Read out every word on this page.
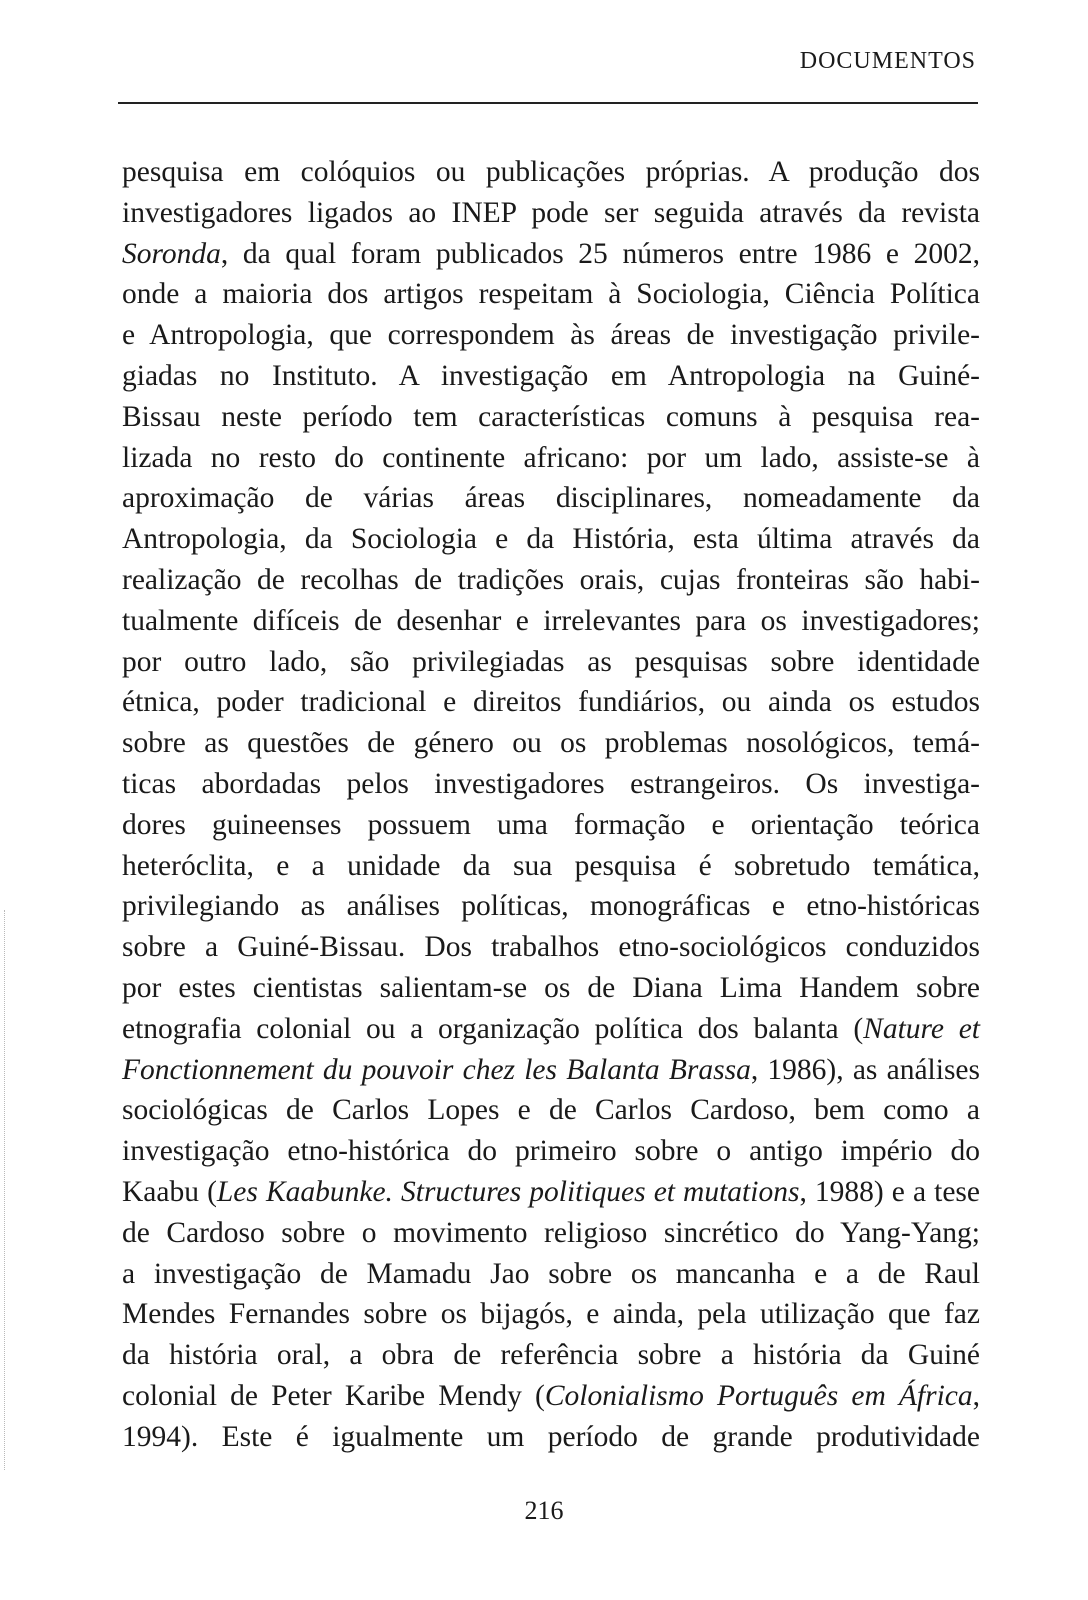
DOCUMENTOS
pesquisa em colóquios ou publicações próprias. A produção dos
investigadores ligados ao INEP pode ser seguida através da revista
Soronda, da qual foram publicados 25 números entre 1986 e 2002,
onde a maioria dos artigos respeitam à Sociologia, Ciência Política
e Antropologia, que correspondem às áreas de investigação privile-
giadas no Instituto. A investigação em Antropologia na Guiné-
Bissau neste período tem características comuns à pesquisa rea-
lizada no resto do continente africano: por um lado, assiste-se à
aproximação de várias áreas disciplinares, nomeadamente da
Antropologia, da Sociologia e da História, esta última através da
realização de recolhas de tradições orais, cujas fronteiras são habi-
tualmente difíceis de desenhar e irrelevantes para os investigadores;
por outro lado, são privilegiadas as pesquisas sobre identidade
étnica, poder tradicional e direitos fundiários, ou ainda os estudos
sobre as questões de género ou os problemas nosológicos, temá-
ticas abordadas pelos investigadores estrangeiros. Os investiga-
dores guineenses possuem uma formação e orientação teórica
heteróclita, e a unidade da sua pesquisa é sobretudo temática,
privilegiando as análises políticas, monográficas e etno-históricas
sobre a Guiné-Bissau. Dos trabalhos etno-sociológicos conduzidos
por estes cientistas salientam-se os de Diana Lima Handem sobre
etnografia colonial ou a organização política dos balanta (Nature et
Fonctionnement du pouvoir chez les Balanta Brassa, 1986), as análises
sociológicas de Carlos Lopes e de Carlos Cardoso, bem como a
investigação etno-histórica do primeiro sobre o antigo império do
Kaabu (Les Kaabunke. Structures politiques et mutations, 1988) e a tese
de Cardoso sobre o movimento religioso sincrético do Yang-Yang;
a investigação de Mamadu Jao sobre os mancanha e a de Raul
Mendes Fernandes sobre os bijagós, e ainda, pela utilização que faz
da história oral, a obra de referência sobre a história da Guiné
colonial de Peter Karibe Mendy (Colonialismo Português em África,
1994). Este é igualmente um período de grande produtividade
216
